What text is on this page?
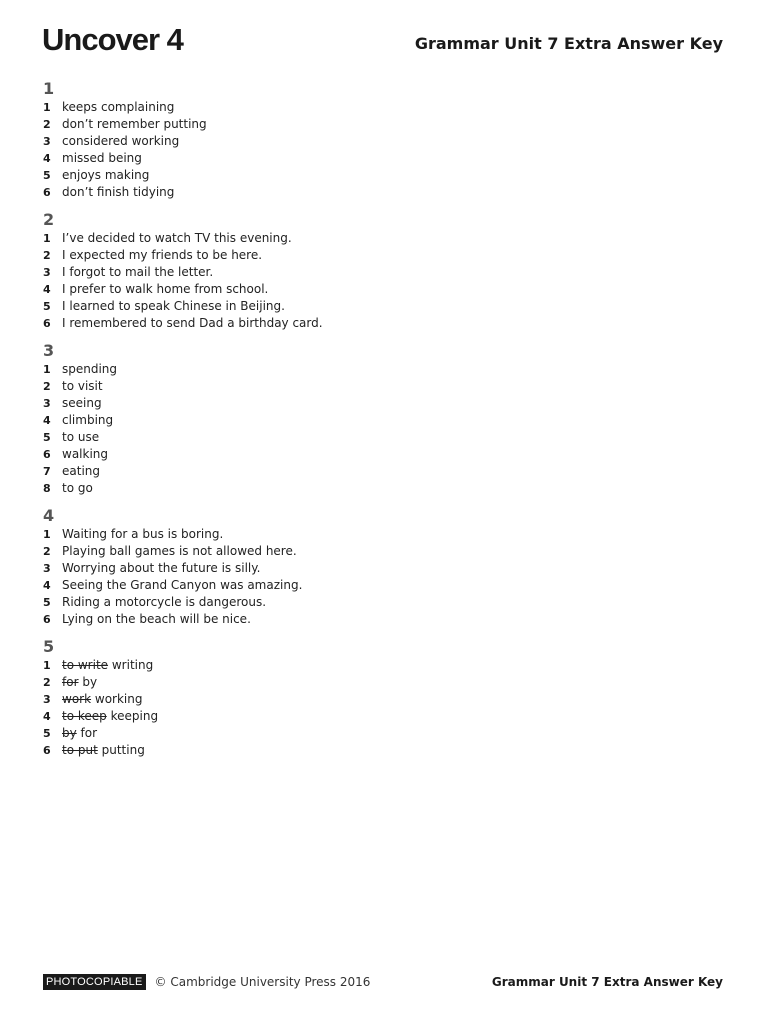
Uncover 4	Grammar Unit 7 Extra Answer Key
1
1 keeps complaining
2 don’t remember putting
3 considered working
4 missed being
5 enjoys making
6 don’t finish tidying
2
1 I’ve decided to watch TV this evening.
2 I expected my friends to be here.
3 I forgot to mail the letter.
4 I prefer to walk home from school.
5 I learned to speak Chinese in Beijing.
6 I remembered to send Dad a birthday card.
3
1 spending
2 to visit
3 seeing
4 climbing
5 to use
6 walking
7 eating
8 to go
4
1 Waiting for a bus is boring.
2 Playing ball games is not allowed here.
3 Worrying about the future is silly.
4 Seeing the Grand Canyon was amazing.
5 Riding a motorcycle is dangerous.
6 Lying on the beach will be nice.
5
1 to write writing
2 for by
3 work working
4 to keep keeping
5 by for
6 to put putting
PHOTOCOPIABLE © Cambridge University Press 2016	Grammar Unit 7 Extra Answer Key
